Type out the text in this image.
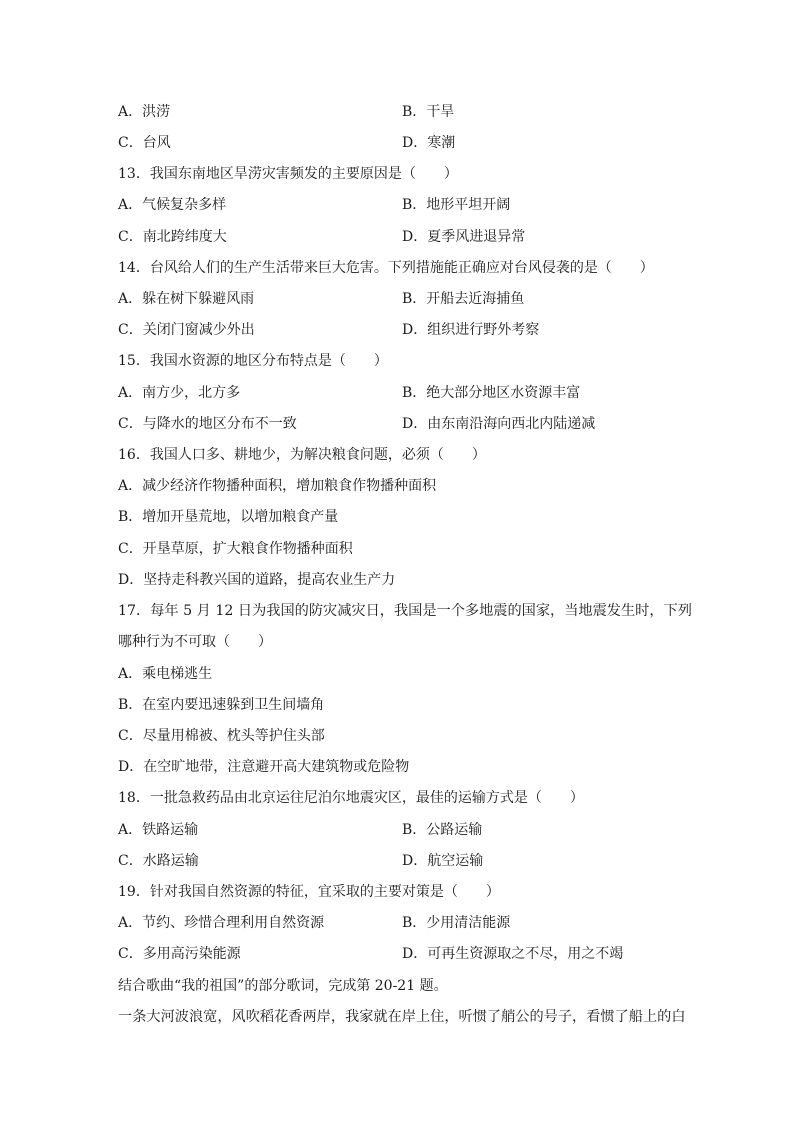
A．洪涝	B．干旱
C．台风	D．寒潮
13．我国东南地区旱涝灾害频发的主要原因是（　　）
A．气候复杂多样	B．地形平坦开阔
C．南北跨纬度大	D．夏季风进退异常
14．台风给人们的生产生活带来巨大危害。下列措施能正确应对台风侵袭的是（　　）
A．躲在树下躲避风雨	B．开船去近海捕鱼
C．关闭门窗减少外出	D．组织进行野外考察
15．我国水资源的地区分布特点是（　　）
A．南方少，北方多	B．绝大部分地区水资源丰富
C．与降水的地区分布不一致	D．由东南沿海向西北内陆递减
16．我国人口多、耕地少，为解决粮食问题，必须（　　）
A．减少经济作物播种面积，增加粮食作物播种面积
B．增加开垦荒地，以增加粮食产量
C．开垦草原，扩大粮食作物播种面积
D．坚持走科教兴国的道路，提高农业生产力
17．每年 5 月 12 日为我国的防灾减灾日，我国是一个多地震的国家，当地震发生时，下列
哪种行为不可取（　　）
A．乘电梯逃生
B．在室内要迅速躲到卫生间墙角
C．尽量用棉被、枕头等护住头部
D．在空旷地带，注意避开高大建筑物或危险物
18．一批急救药品由北京运往尼泊尔地震灾区，最佳的运输方式是（　　）
A．铁路运输	B．公路运输
C．水路运输	D．航空运输
19．针对我国自然资源的特征，宜采取的主要对策是（　　）
A．节约、珍惜合理利用自然资源	B．少用清洁能源
C．多用高污染能源	D．可再生资源取之不尽，用之不竭
结合歌曲“我的祖国”的部分歌词，完成第 20-21 题。
一条大河波浪宽，风吹稻花香两岸，我家就在岸上住，听惯了艄公的号子，看惯了船上的白
